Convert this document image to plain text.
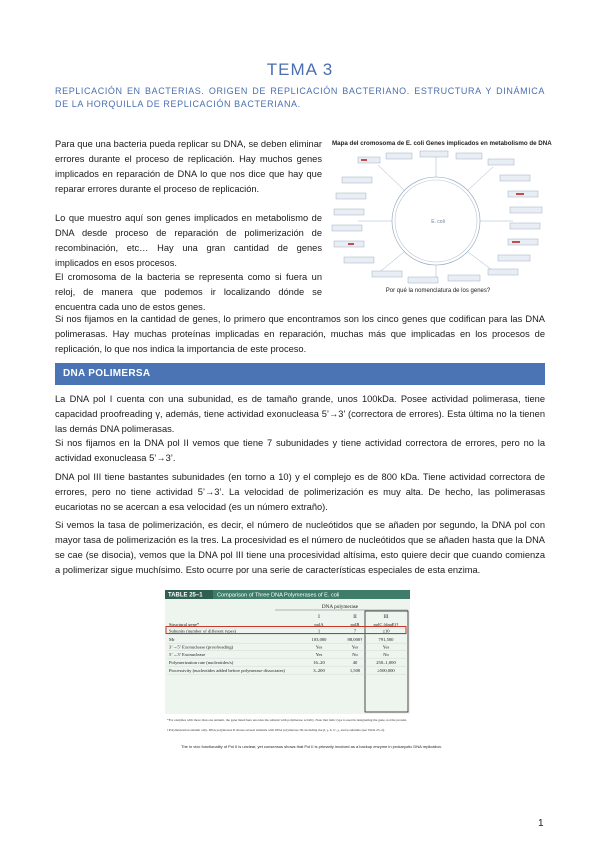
TEMA 3
REPLICACIÓN EN BACTERIAS. ORIGEN DE REPLICACIÓN BACTERIANO. ESTRUCTURA Y DINÁMICA DE LA HORQUILLA DE REPLICACIÓN BACTERIANA.

Para que una bacteria pueda replicar su DNA, se deben eliminar errores durante el proceso de replicación. Hay muchos genes implicados en reparación de DNA lo que nos dice que hay que reparar errores durante el proceso de replicación.

Lo que muestro aquí son genes implicados en metabolismo de DNA desde proceso de reparación de polimerización de recombinación, etc… Hay una gran cantidad de genes implicados en esos procesos.

El cromosoma de la bacteria se representa como si fuera un reloj, de manera que podemos ir localizando dónde se encuentra cada uno de estos genes.

Si nos fijamos en la cantidad de genes, lo primero que encontramos son los cinco genes que codifican para las DNA polimerasas. Hay muchas proteínas implicadas en reparación, muchas más que implicadas en los procesos de replicación, lo que nos indica la importancia de este proceso.

Mapa del cromosoma de E. coli Genes implicados en metabolismo de DNA
E. coli
Por qué la nomenclatura de los genes?
DNA POLIMERSA

La DNA pol I cuenta con una subunidad, es de tamaño grande, unos 100kDa. Posee actividad polimerasa, tiene capacidad proofreading γ, además, tiene actividad exonucleasa 5’→3’ (correctora de errores). Esta última no la tienen las demás DNA polimerasas.

Si nos fijamos en la DNA pol II vemos que tiene 7 subunidades y tiene actividad correctora de errores, pero no la actividad exonucleasa 5’→3’.

DNA pol III tiene bastantes subunidades (en torno a 10) y el complejo es de 800 kDa. Tiene actividad correctora de errores, pero no tiene actividad 5’→3’. La velocidad de polimerización es muy alta. De hecho, las polimerasas eucariotas no se acercan a esa velocidad (es un número extraño).

Si vemos la tasa de polimerización, es decir, el número de nucleótidos que se añaden por segundo, la DNA pol con mayor tasa de polimerización es la tres. La procesividad es el número de nucleótidos que se añaden hasta que la DNA se cae (se disocia), vemos que la DNA pol III tiene una procesividad altísima, esto quiere decir que cuando comienza a polimerizar sigue muchísimo. Esto ocurre por una serie de características especiales de esta enzima.

TABLE 25–1	Comparison of Three DNA Polymerases of E. coli
DNA polymerase
I	II	III
Structural gene*	polA	polB	polC (dnaE)†
Subunits (number of different types)	1	7	≥10
Mr	103,000	88,000†	791,500
3’→5’ Exonuclease (proofreading)	Yes	Yes	Yes
5’→3’ Exonuclease	Yes	No	No
Polymerization rate (nucleotides/s)	16–20	40	250–1,000
Processivity (nucleotides added before polymerase dissociates)	3–200	1,500	≥500,000
*For enzymes with more than one subunit, the gene listed here encodes the subunit with polymerase activity. Note that italic type is used in designating the gene, not the protein.
†Polymerization subunit only. DNA polymerase II shares several subunits with DNA polymerase III, including the β, γ, δ, δ’, χ, and ψ subunits (see Table 25–2).
The in vivo functionality of Pol II is unclear, yet consensus shows that Pol II is primarily involved as a backup enzyme in prokaryotic DNA replication.
1
